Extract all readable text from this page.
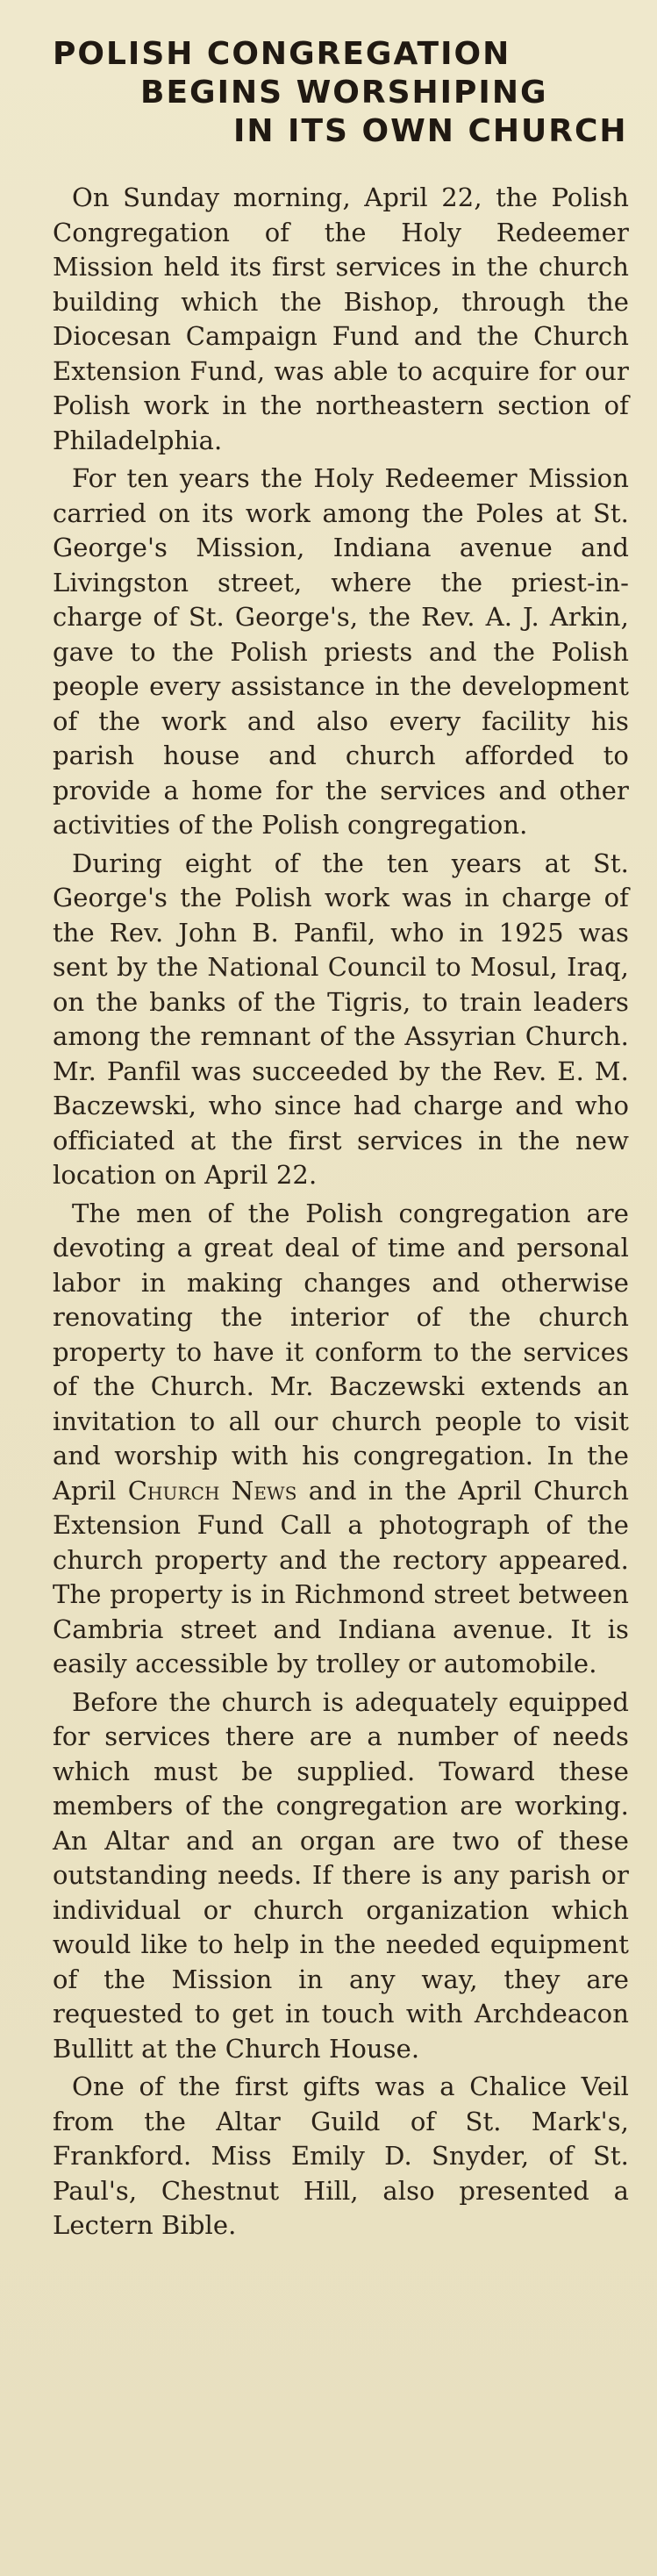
POLISH CONGREGATION
BEGINS WORSHIPING
IN ITS OWN CHURCH

On Sunday morning, April 22, the Polish Congregation of the Holy Redeemer Mission held its first services in the church building which the Bishop, through the Diocesan Campaign Fund and the Church Extension Fund, was able to acquire for our Polish work in the northeastern section of Philadelphia.

For ten years the Holy Redeemer Mission carried on its work among the Poles at St. George's Mission, Indiana avenue and Livingston street, where the priest-in-charge of St. George's, the Rev. A. J. Arkin, gave to the Polish priests and the Polish people every assistance in the development of the work and also every facility his parish house and church afforded to provide a home for the services and other activities of the Polish congregation.

During eight of the ten years at St. George's the Polish work was in charge of the Rev. John B. Panfil, who in 1925 was sent by the National Council to Mosul, Iraq, on the banks of the Tigris, to train leaders among the remnant of the Assyrian Church. Mr. Panfil was succeeded by the Rev. E. M. Baczewski, who since had charge and who officiated at the first services in the new location on April 22.

The men of the Polish congregation are devoting a great deal of time and personal labor in making changes and otherwise renovating the interior of the church property to have it conform to the services of the Church. Mr. Baczewski extends an invitation to all our church people to visit and worship with his congregation. In the April Church News and in the April Church Extension Fund Call a photograph of the church property and the rectory appeared. The property is in Richmond street between Cambria street and Indiana avenue. It is easily accessible by trolley or automobile.

Before the church is adequately equipped for services there are a number of needs which must be supplied. Toward these members of the congregation are working. An Altar and an organ are two of these outstanding needs. If there is any parish or individual or church organization which would like to help in the needed equipment of the Mission in any way, they are requested to get in touch with Archdeacon Bullitt at the Church House.

One of the first gifts was a Chalice Veil from the Altar Guild of St. Mark's, Frankford. Miss Emily D. Snyder, of St. Paul's, Chestnut Hill, also presented a Lectern Bible.
